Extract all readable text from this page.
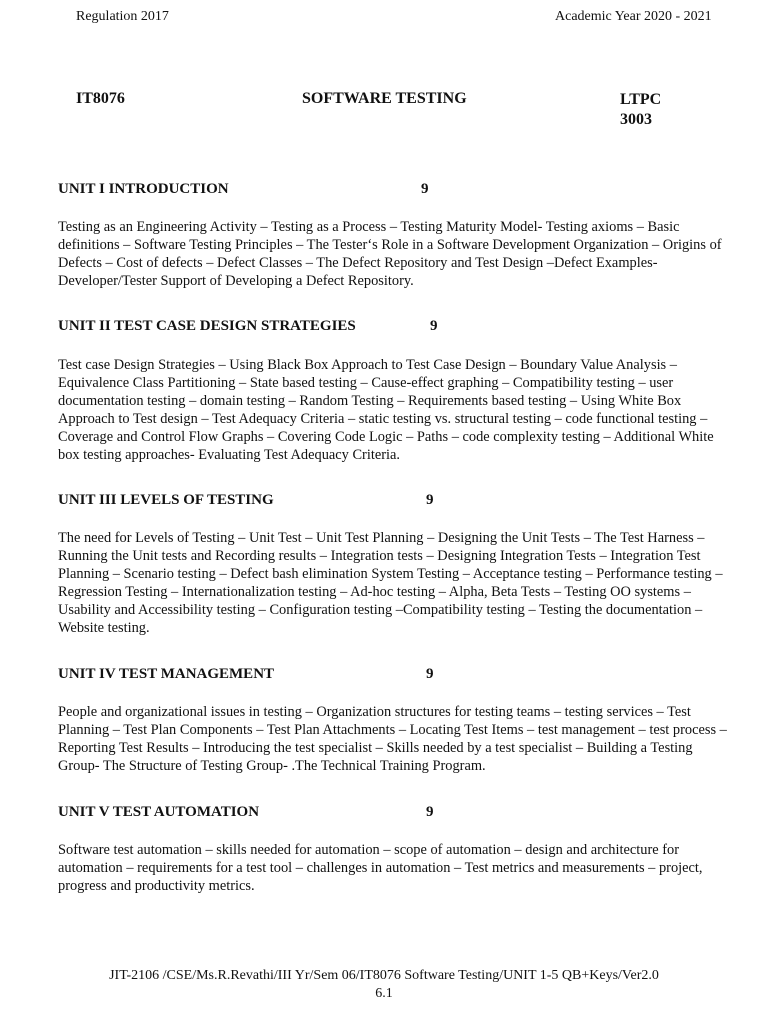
Regulation 2017	Academic Year 2020 - 2021
IT8076	SOFTWARE TESTING	LTPC
3003
UNIT I INTRODUCTION	9

Testing as an Engineering Activity – Testing as a Process – Testing Maturity Model- Testing axioms – Basic definitions – Software Testing Principles – The Tester‘s Role in a Software Development Organization – Origins of Defects – Cost of defects – Defect Classes – The Defect Repository and Test Design –Defect Examples- Developer/Tester Support of Developing a Defect Repository.

UNIT II TEST CASE DESIGN STRATEGIES	9

Test case Design Strategies – Using Black Box Approach to Test Case Design – Boundary Value Analysis – Equivalence Class Partitioning – State based testing – Cause-effect graphing – Compatibility testing – user documentation testing – domain testing – Random Testing – Requirements based testing – Using White Box Approach to Test design – Test Adequacy Criteria – static testing vs. structural testing – code functional testing – Coverage and Control Flow Graphs – Covering Code Logic – Paths – code complexity testing – Additional White box testing approaches- Evaluating Test Adequacy Criteria.

UNIT III LEVELS OF TESTING	9

The need for Levels of Testing – Unit Test – Unit Test Planning – Designing the Unit Tests – The Test Harness – Running the Unit tests and Recording results – Integration tests – Designing Integration Tests – Integration Test Planning – Scenario testing – Defect bash elimination System Testing – Acceptance testing – Performance testing – Regression Testing – Internationalization testing – Ad-hoc testing – Alpha, Beta Tests – Testing OO systems – Usability and Accessibility testing – Configuration testing –Compatibility testing – Testing the documentation – Website testing.

UNIT IV TEST MANAGEMENT	9

People and organizational issues in testing – Organization structures for testing teams – testing services – Test Planning – Test Plan Components – Test Plan Attachments – Locating Test Items – test management – test process – Reporting Test Results – Introducing the test specialist – Skills needed by a test specialist – Building a Testing Group- The Structure of Testing Group- .The Technical Training Program.

UNIT V TEST AUTOMATION	9

Software test automation – skills needed for automation – scope of automation – design and architecture for automation – requirements for a test tool – challenges in automation – Test metrics and measurements – project, progress and productivity metrics.

JIT-2106 /CSE/Ms.R.Revathi/III Yr/Sem 06/IT8076 Software Testing/UNIT 1-5 QB+Keys/Ver2.0
6.1
